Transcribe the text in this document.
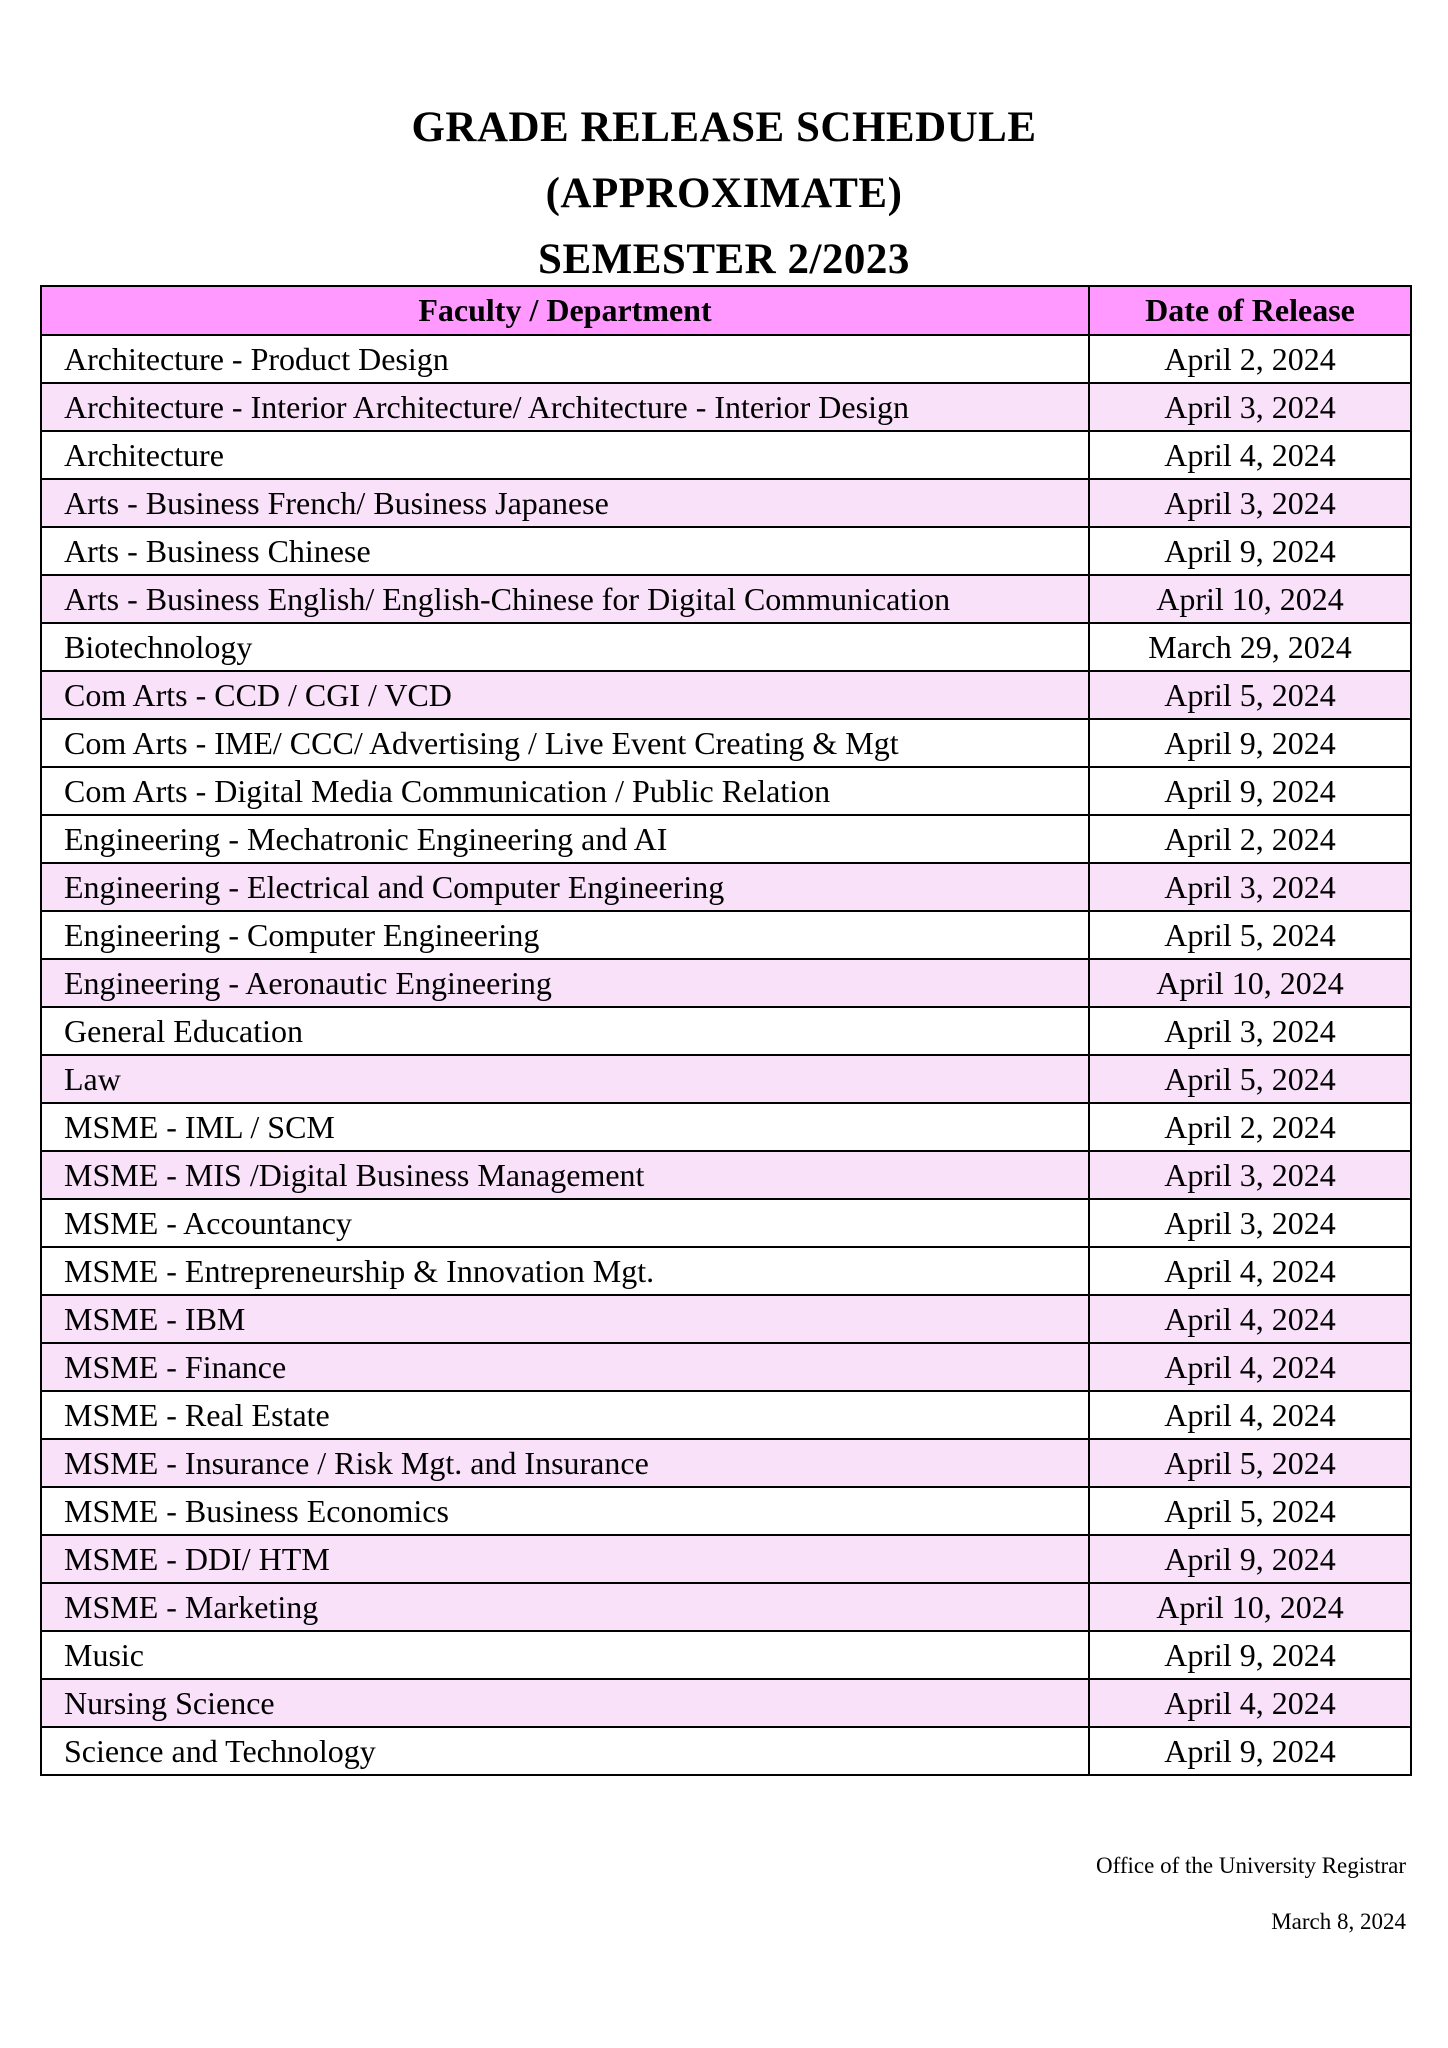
GRADE RELEASE SCHEDULE
(APPROXIMATE)
SEMESTER 2/2023
Faculty / Department	Date of Release
Architecture - Product Design	April 2, 2024
Architecture - Interior Architecture/ Architecture - Interior Design	April 3, 2024
Architecture	April 4, 2024
Arts - Business French/ Business Japanese	April 3, 2024
Arts - Business Chinese	April 9, 2024
Arts - Business English/ English-Chinese for Digital Communication	April 10, 2024
Biotechnology	March 29, 2024
Com Arts - CCD / CGI / VCD	April 5, 2024
Com Arts - IME/ CCC/ Advertising / Live Event Creating & Mgt	April 9, 2024
Com Arts - Digital Media Communication / Public Relation	April 9, 2024
Engineering - Mechatronic Engineering and AI	April 2, 2024
Engineering - Electrical and Computer Engineering	April 3, 2024
Engineering - Computer Engineering	April 5, 2024
Engineering - Aeronautic Engineering	April 10, 2024
General Education	April 3, 2024
Law	April 5, 2024
MSME - IML / SCM	April 2, 2024
MSME - MIS /Digital Business Management	April 3, 2024
MSME - Accountancy	April 3, 2024
MSME - Entrepreneurship & Innovation Mgt.	April 4, 2024
MSME - IBM	April 4, 2024
MSME - Finance	April 4, 2024
MSME - Real Estate	April 4, 2024
MSME - Insurance / Risk Mgt. and Insurance	April 5, 2024
MSME - Business Economics	April 5, 2024
MSME - DDI/ HTM	April 9, 2024
MSME - Marketing	April 10, 2024
Music	April 9, 2024
Nursing Science	April 4, 2024
Science and Technology	April 9, 2024
Office of the University Registrar
March 8, 2024
